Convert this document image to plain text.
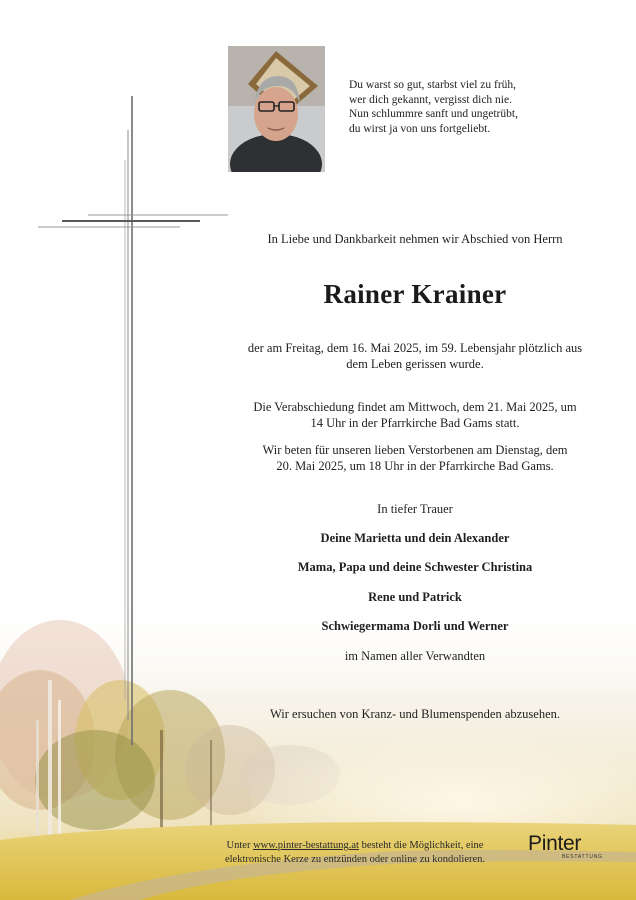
Du warst so gut, starbst viel zu früh,
wer dich gekannt, vergisst dich nie.
Nun schlummre sanft und ungetrübt,
du wirst ja von uns fortgeliebt.
In Liebe und Dankbarkeit nehmen wir Abschied von Herrn
Rainer Krainer
der am Freitag, dem 16. Mai 2025, im 59. Lebensjahr plötzlich aus
dem Leben gerissen wurde.
Die Verabschiedung findet am Mittwoch, dem 21. Mai 2025, um
14 Uhr in der Pfarrkirche Bad Gams statt.
Wir beten für unseren lieben Verstorbenen am Dienstag, dem
20. Mai 2025, um 18 Uhr in der Pfarrkirche Bad Gams.
In tiefer Trauer
Deine Marietta und dein Alexander
Mama, Papa und deine Schwester Christina
Rene und Patrick
Schwiegermama Dorli und Werner
im Namen aller Verwandten
Wir ersuchen von Kranz- und Blumenspenden abzusehen.
Unter www.pinter-bestattung.at besteht die Möglichkeit, eine
elektronische Kerze zu entzünden oder online zu kondolieren.
Pinter
BESTATTUNG
